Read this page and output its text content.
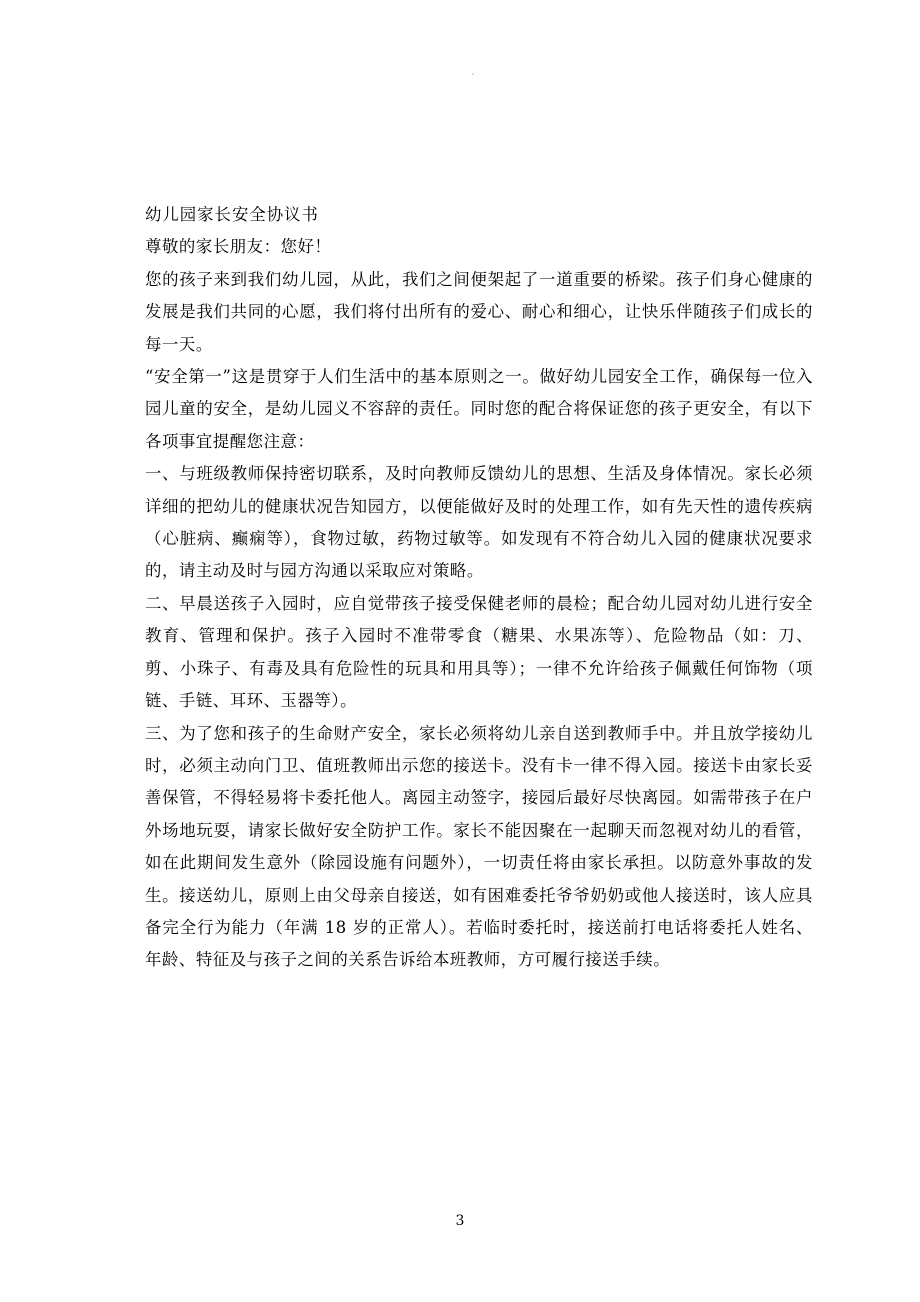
幼儿园家长安全协议书

尊敬的家长朋友：您好！

您的孩子来到我们幼儿园，从此，我们之间便架起了一道重要的桥梁。孩子们身心健康的发展是我们共同的心愿，我们将付出所有的爱心、耐心和细心，让快乐伴随孩子们成长的每一天。

“安全第一”这是贯穿于人们生活中的基本原则之一。做好幼儿园安全工作，确保每一位入园儿童的安全，是幼儿园义不容辞的责任。同时您的配合将保证您的孩子更安全，有以下各项事宜提醒您注意：

一、与班级教师保持密切联系，及时向教师反馈幼儿的思想、生活及身体情况。家长必须详细的把幼儿的健康状况告知园方，以便能做好及时的处理工作，如有先天性的遗传疾病（心脏病、癫痫等），食物过敏，药物过敏等。如发现有不符合幼儿入园的健康状况要求的，请主动及时与园方沟通以采取应对策略。

二、早晨送孩子入园时，应自觉带孩子接受保健老师的晨检；配合幼儿园对幼儿进行安全教育、管理和保护。孩子入园时不准带零食（糖果、水果冻等）、危险物品（如：刀、剪、小珠子、有毒及具有危险性的玩具和用具等）；一律不允许给孩子佩戴任何饰物（项链、手链、耳环、玉器等）。

三、为了您和孩子的生命财产安全，家长必须将幼儿亲自送到教师手中。并且放学接幼儿时，必须主动向门卫、值班教师出示您的接送卡。没有卡一律不得入园。接送卡由家长妥善保管，不得轻易将卡委托他人。离园主动签字，接园后最好尽快离园。如需带孩子在户外场地玩耍，请家长做好安全防护工作。家长不能因聚在一起聊天而忽视对幼儿的看管，如在此期间发生意外（除园设施有问题外），一切责任将由家长承担。以防意外事故的发生。接送幼儿，原则上由父母亲自接送，如有困难委托爷爷奶奶或他人接送时，该人应具备完全行为能力（年满 18 岁的正常人）。若临时委托时，接送前打电话将委托人姓名、年龄、特征及与孩子之间的关系告诉给本班教师，方可履行接送手续。

3
